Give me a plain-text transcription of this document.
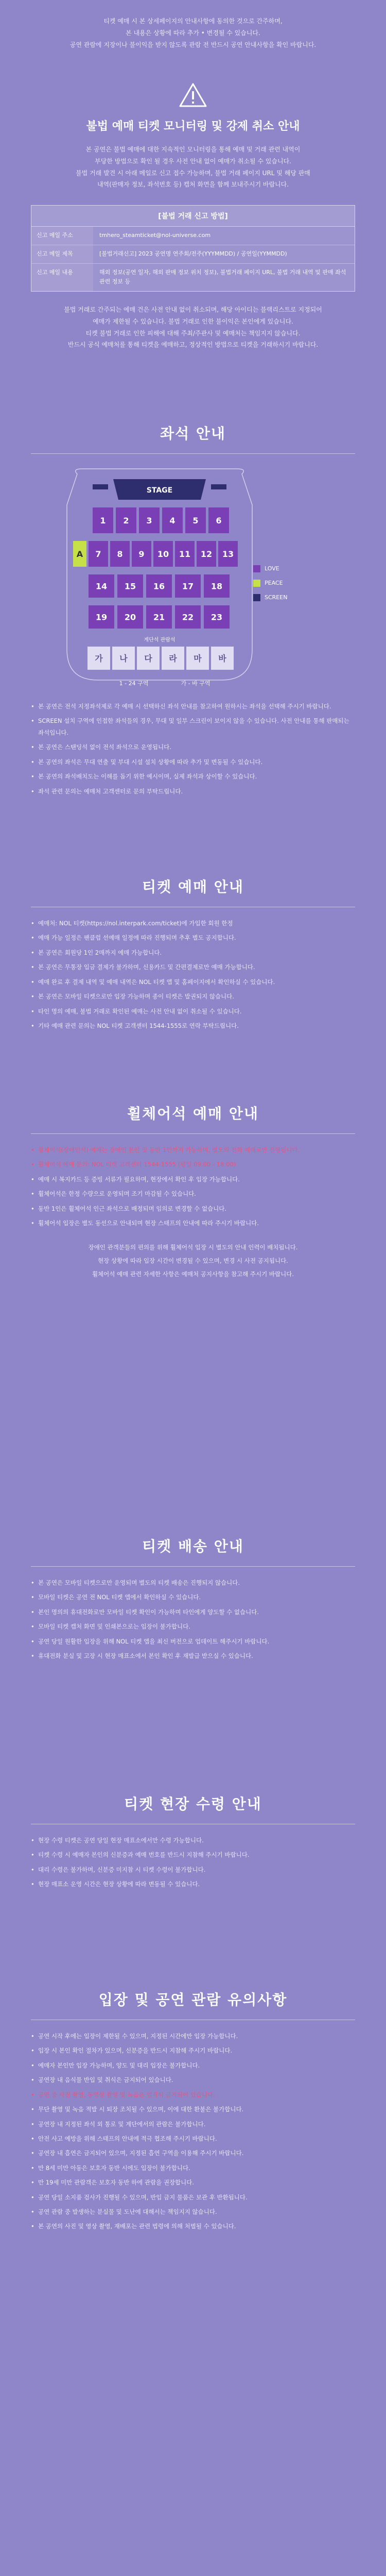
티켓 예매 시 본 상세페이지의 안내사항에 동의한 것으로 간주하며,
본 내용은 상황에 따라 추가 • 변경될 수 있습니다.
공연 관람에 지장이나 불이익을 받지 않도록 관람 전 반드시 공연 안내사항을 확인 바랍니다.
불법 예매 티켓 모니터링 및 강제 취소 안내
본 공연은 불법 예매에 대한 지속적인 모니터링을 통해 예매 및 거래 관련 내역이
부당한 방법으로 확인 될 경우 사전 안내 없이 예매가 취소될 수 있습니다.
불법 거래 발견 시 아래 메일로 신고 접수 가능하며, 불법 거래 페이지 URL 및 해당 판매
내역(판매자 정보, 좌석번호 등) 캡처 화면을 함께 보내주시기 바랍니다.
[불법 거래 신고 방법]
신고 메일 주소	tmhero_steamticket@nol-universe.com
신고 메일 제목	[불법거래신고] 2023 공연명 연주회/전주(YYYMMDD) / 공연일(YYMMDD)
신고 메일 내용	해외 정보(공연 일자, 해외 판매 정보 위치 정보), 불법거래 페이지 URL, 불법 거래 내역 및 판매 좌석 관련 정보 등
불법 거래로 간주되는 예매 건은 사전 안내 없이 취소되며, 해당 아이디는 블랙리스트로 지정되어
예매가 제한될 수 있습니다. 불법 거래로 인한 불이익은 본인에게 있습니다.
티켓 불법 거래로 인한 피해에 대해 주최/주관사 및 예매처는 책임지지 않습니다.
반드시 공식 예매처를 통해 티켓을 예매하고, 정상적인 방법으로 티켓을 거래하시기 바랍니다.
좌석 안내
STAGE
1 2 3 4 5 6
A 7 8 9 10 11 12 13
14 15 16 17 18
19 20 21 22 23
가 나 다 라 마 바
계단석 관람석
1 - 24 구역	가 - 바 구역
LOVE
PEACE
SCREEN
• 본 공연은 전석 지정좌석제로 각 예매 시 선택하신 좌석 안내를 참고하여 원하시는 좌석을 선택해 주시기 바랍니다.
• SCREEN 설치 구역에 인접한 좌석들의 경우, 무대 및 일부 스크린이 보이지 않을 수 있습니다. 사전 안내를 통해 판매되는 좌석입니다.
• 본 공연은 스탠딩석 없이 전석 좌석으로 운영됩니다.
• 본 공연의 좌석은 무대 연출 및 부대 시설 설치 상황에 따라 추가 및 변동될 수 있습니다.
• 본 공연의 좌석배치도는 이해를 돕기 위한 예시이며, 실제 좌석과 상이할 수 있습니다.
• 좌석 관련 문의는 예매처 고객센터로 문의 부탁드립니다.
티켓 예매 안내
• 예매처: NOL 티켓(https://nol.interpark.com/ticket)에 가입한 회원 한정
• 예매 가능 일정은 팬클럽 선예매 일정에 따라 진행되며 추후 별도 공지합니다.
• 본 공연은 회원당 1인 2매까지 예매 가능합니다.
• 본 공연은 무통장 입금 결제가 불가하며, 신용카드 및 간편결제로만 예매 가능합니다.
• 예매 완료 후 결제 내역 및 예매 내역은 NOL 티켓 앱 및 홈페이지에서 확인하실 수 있습니다.
• 본 공연은 모바일 티켓으로만 입장 가능하며 종이 티켓은 발권되지 않습니다.
• 타인 명의 예매, 불법 거래로 확인된 예매는 사전 안내 없이 취소될 수 있습니다.
• 기타 예매 관련 문의는 NOL 티켓 고객센터 1544-1555로 연락 부탁드립니다.
휠체어석 예매 안내
• 휠체어석(장애인석) 예매는 장애인 본인 및 동반 1인까지 가능하며, 별도의 전화 예매로만 진행됩니다.
• 휠체어석 예매 문의: NOL 티켓 고객센터 1544-1555 (평일 09:00 - 18:00)
• 예매 시 복지카드 등 증빙 서류가 필요하며, 현장에서 확인 후 입장 가능합니다.
• 휠체어석은 한정 수량으로 운영되며 조기 마감될 수 있습니다.
• 동반 1인은 휠체어석 인근 좌석으로 배정되며 임의로 변경할 수 없습니다.
• 휠체어석 입장은 별도 동선으로 안내되며 현장 스태프의 안내에 따라 주시기 바랍니다.

장애인 관객분들의 편의를 위해 휠체어석 입장 시 별도의 안내 인력이 배치됩니다.

현장 상황에 따라 입장 시간이 변경될 수 있으며, 변경 시 사전 공지됩니다.

휠체어석 예매 관련 자세한 사항은 예매처 공지사항을 참고해 주시기 바랍니다.

티켓 배송 안내
• 본 공연은 모바일 티켓으로만 운영되며 별도의 티켓 배송은 진행되지 않습니다.
• 모바일 티켓은 공연 전 NOL 티켓 앱에서 확인하실 수 있습니다.
• 본인 명의의 휴대전화로만 모바일 티켓 확인이 가능하며 타인에게 양도할 수 없습니다.
• 모바일 티켓 캡처 화면 및 인쇄본으로는 입장이 불가합니다.
• 공연 당일 원활한 입장을 위해 NOL 티켓 앱을 최신 버전으로 업데이트 해주시기 바랍니다.
• 휴대전화 분실 및 고장 시 현장 매표소에서 본인 확인 후 재발급 받으실 수 있습니다.
티켓 현장 수령 안내
• 현장 수령 티켓은 공연 당일 현장 매표소에서만 수령 가능합니다.
• 티켓 수령 시 예매자 본인의 신분증과 예매 번호를 반드시 지참해 주시기 바랍니다.
• 대리 수령은 불가하며, 신분증 미지참 시 티켓 수령이 불가합니다.
• 현장 매표소 운영 시간은 현장 상황에 따라 변동될 수 있습니다.
입장 및 공연 관람 유의사항
• 공연 시작 후에는 입장이 제한될 수 있으며, 지정된 시간에만 입장 가능합니다.
• 입장 시 본인 확인 절차가 있으며, 신분증을 반드시 지참해 주시기 바랍니다.
• 예매자 본인만 입장 가능하며, 양도 및 대리 입장은 불가합니다.
• 공연장 내 음식물 반입 및 취식은 금지되어 있습니다.
• 공연 중 사진 촬영, 동영상 촬영 및 녹음은 엄격히 금지되어 있습니다.
• 무단 촬영 및 녹음 적발 시 퇴장 조치될 수 있으며, 이에 대한 환불은 불가합니다.
• 공연장 내 지정된 좌석 외 통로 및 계단에서의 관람은 불가합니다.
• 안전 사고 예방을 위해 스태프의 안내에 적극 협조해 주시기 바랍니다.
• 공연장 내 흡연은 금지되어 있으며, 지정된 흡연 구역을 이용해 주시기 바랍니다.
• 만 8세 미만 아동은 보호자 동반 시에도 입장이 불가합니다.
• 만 19세 미만 관람객은 보호자 동반 하에 관람을 권장합니다.
• 공연 당일 소지품 검사가 진행될 수 있으며, 반입 금지 물품은 보관 후 반환됩니다.
• 공연 관람 중 발생하는 분실물 및 도난에 대해서는 책임지지 않습니다.
• 본 공연의 사진 및 영상 촬영, 재배포는 관련 법령에 의해 처벌될 수 있습니다.
